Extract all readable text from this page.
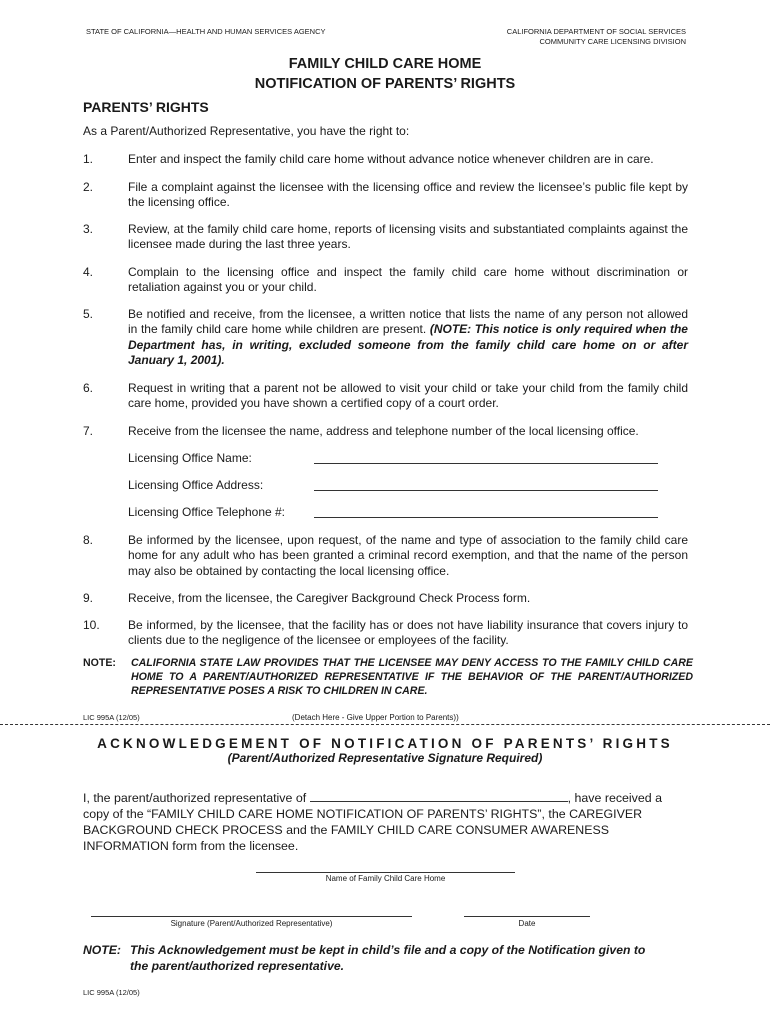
STATE OF CALIFORNIA—HEALTH AND HUMAN SERVICES AGENCY	CALIFORNIA DEPARTMENT OF SOCIAL SERVICES
COMMUNITY CARE LICENSING DIVISION
FAMILY CHILD CARE HOME
NOTIFICATION OF PARENTS’ RIGHTS
PARENTS’ RIGHTS
As a Parent/Authorized Representative, you have the right to:
1.	Enter and inspect the family child care home without advance notice whenever children are in care.
2.	File a complaint against the licensee with the licensing office and review the licensee’s public file kept by the licensing office.
3.	Review, at the family child care home, reports of licensing visits and substantiated complaints against the licensee made during the last three years.
4.	Complain to the licensing office and inspect the family child care home without discrimination or retaliation against you or your child.
5.	Be notified and receive, from the licensee, a written notice that lists the name of any person not allowed in the family child care home while children are present. (NOTE: This notice is only required when the Department has, in writing, excluded someone from the family child care home on or after January 1, 2001).
6.	Request in writing that a parent not be allowed to visit your child or take your child from the family child care home, provided you have shown a certified copy of a court order.
7.	Receive from the licensee the name, address and telephone number of the local licensing office.
Licensing Office Name:
Licensing Office Address:
Licensing Office Telephone #:
8.	Be informed by the licensee, upon request, of the name and type of association to the family child care home for any adult who has been granted a criminal record exemption, and that the name of the person may also be obtained by contacting the local licensing office.
9.	Receive, from the licensee, the Caregiver Background Check Process form.
10. Be informed, by the licensee, that the facility has or does not have liability insurance that covers injury to clients due to the negligence of the licensee or employees of the facility.
NOTE: CALIFORNIA STATE LAW PROVIDES THAT THE LICENSEE MAY DENY ACCESS TO THE FAMILY CHILD CARE HOME TO A PARENT/AUTHORIZED REPRESENTATIVE IF THE BEHAVIOR OF THE PARENT/AUTHORIZED REPRESENTATIVE POSES A RISK TO CHILDREN IN CARE.
LIC 995A (12/05)	(Detach Here - Give Upper Portion to Parents))
ACKNOWLEDGEMENT OF NOTIFICATION OF PARENTS’ RIGHTS
(Parent/Authorized Representative Signature Required)
I, the parent/authorized representative of	, have received a copy of the “FAMILY CHILD CARE HOME NOTIFICATION OF PARENTS’ RIGHTS”, the CAREGIVER BACKGROUND CHECK PROCESS and the FAMILY CHILD CARE CONSUMER AWARENESS INFORMATION form from the licensee.
Name of Family Child Care Home
Signature (Parent/Authorized Representative)	Date
NOTE: This Acknowledgement must be kept in child’s file and a copy of the Notification given to
the parent/authorized representative.
LIC 995A (12/05)
